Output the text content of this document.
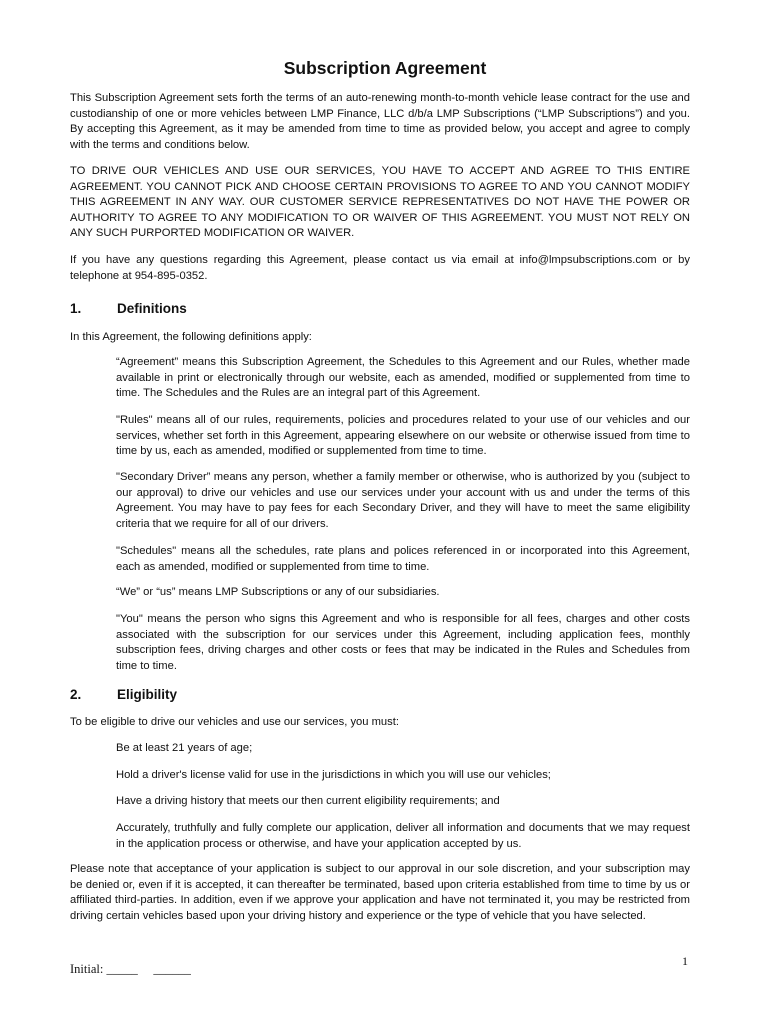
Subscription Agreement

This Subscription Agreement sets forth the terms of an auto-renewing month-to-month vehicle lease contract for the use and custodianship of one or more vehicles between LMP Finance, LLC d/b/a LMP Subscriptions (“LMP Subscriptions”) and you. By accepting this Agreement, as it may be amended from time to time as provided below, you accept and agree to comply with the terms and conditions below.

TO DRIVE OUR VEHICLES AND USE OUR SERVICES, YOU HAVE TO ACCEPT AND AGREE TO THIS ENTIRE AGREEMENT. YOU CANNOT PICK AND CHOOSE CERTAIN PROVISIONS TO AGREE TO AND YOU CANNOT MODIFY THIS AGREEMENT IN ANY WAY. OUR CUSTOMER SERVICE REPRESENTATIVES DO NOT HAVE THE POWER OR AUTHORITY TO AGREE TO ANY MODIFICATION TO OR WAIVER OF THIS AGREEMENT. YOU MUST NOT RELY ON ANY SUCH PURPORTED MODIFICATION OR WAIVER.

If you have any questions regarding this Agreement, please contact us via email at info@lmpsubscriptions.com or by telephone at 954-895-0352.

1.	Definitions

In this Agreement, the following definitions apply:

“Agreement” means this Subscription Agreement, the Schedules to this Agreement and our Rules, whether made available in print or electronically through our website, each as amended, modified or supplemented from time to time. The Schedules and the Rules are an integral part of this Agreement.

"Rules" means all of our rules, requirements, policies and procedures related to your use of our vehicles and our services, whether set forth in this Agreement, appearing elsewhere on our website or otherwise issued from time to time by us, each as amended, modified or supplemented from time to time.

"Secondary Driver” means any person, whether a family member or otherwise, who is authorized by you (subject to our approval) to drive our vehicles and use our services under your account with us and under the terms of this Agreement. You may have to pay fees for each Secondary Driver, and they will have to meet the same eligibility criteria that we require for all of our drivers.

"Schedules" means all the schedules, rate plans and polices referenced in or incorporated into this Agreement, each as amended, modified or supplemented from time to time.

“We” or “us” means LMP Subscriptions or any of our subsidiaries.

"You" means the person who signs this Agreement and who is responsible for all fees, charges and other costs associated with the subscription for our services under this Agreement, including application fees, monthly subscription fees, driving charges and other costs or fees that may be indicated in the Rules and Schedules from time to time.

2.	Eligibility

To be eligible to drive our vehicles and use our services, you must:

Be at least 21 years of age;

Hold a driver's license valid for use in the jurisdictions in which you will use our vehicles;

Have a driving history that meets our then current eligibility requirements; and

Accurately, truthfully and fully complete our application, deliver all information and documents that we may request in the application process or otherwise, and have your application accepted by us.

Please note that acceptance of your application is subject to our approval in our sole discretion, and your subscription may be denied or, even if it is accepted, it can thereafter be terminated, based upon criteria established from time to time by us or affiliated third-parties. In addition, even if we approve your application and have not terminated it, you may be restricted from driving certain vehicles based upon your driving history and experience or the type of vehicle that you have selected.

1
Initial: _____ ______
